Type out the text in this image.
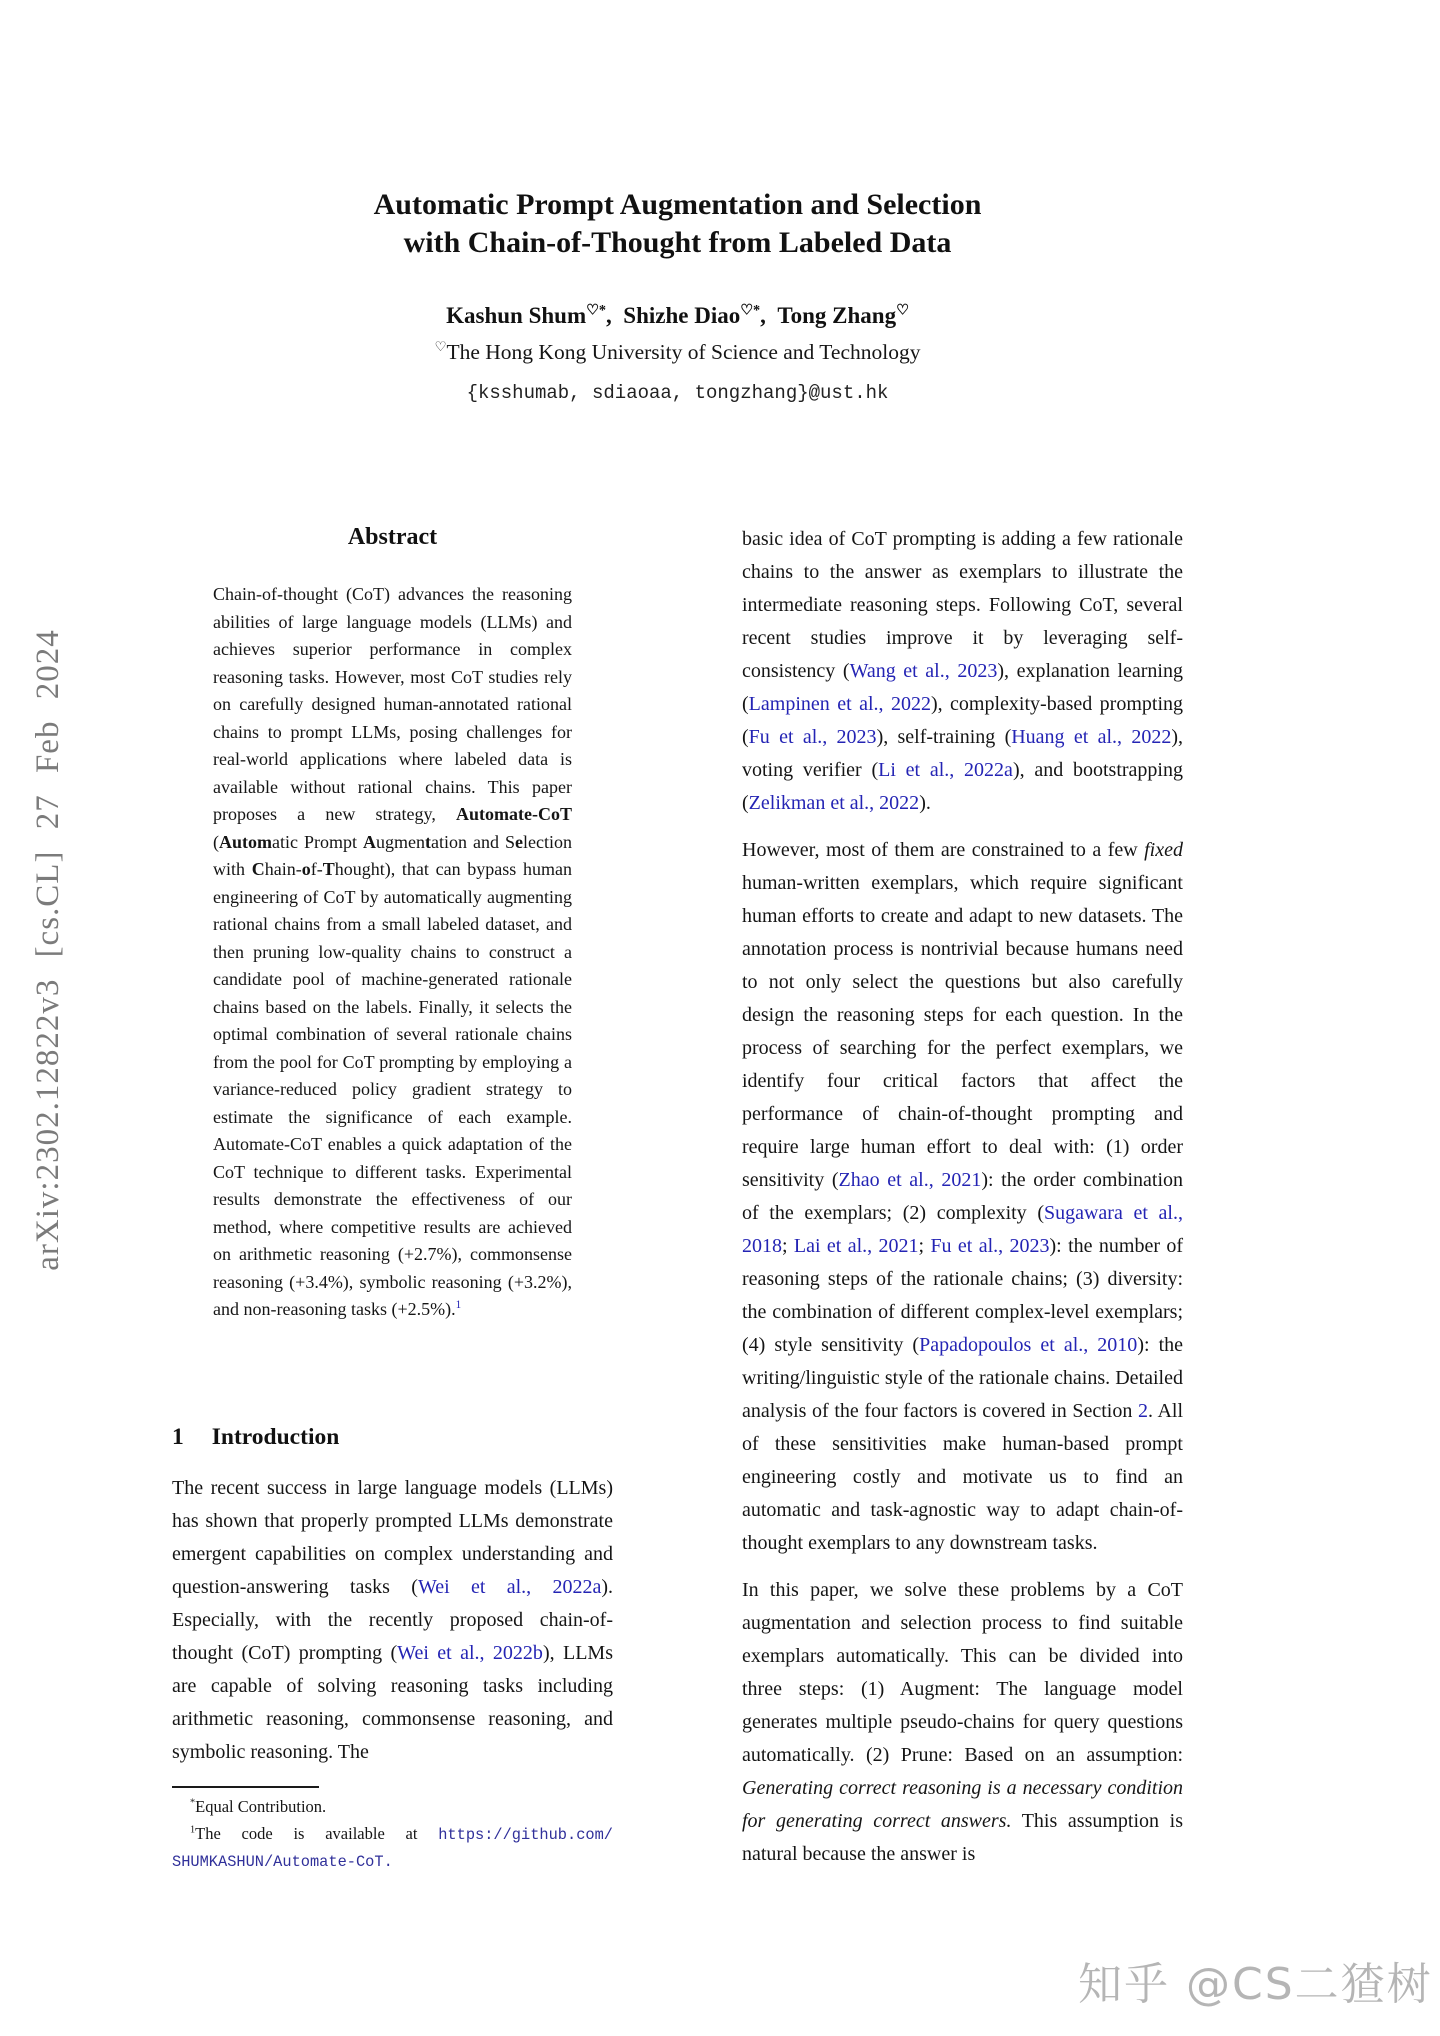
arXiv:2302.12822v3 [cs.CL] 27 Feb 2024
Automatic Prompt Augmentation and Selection
with Chain-of-Thought from Labeled Data
Kashun Shum♡*,  Shizhe Diao♡*,  Tong Zhang♡
♡The Hong Kong University of Science and Technology
{ksshumab, sdiaoaa, tongzhang}@ust.hk
Abstract
Chain-of-thought (CoT) advances the reasoning abilities of large language models (LLMs) and achieves superior performance in complex reasoning tasks. However, most CoT studies rely on carefully designed human-annotated rational chains to prompt LLMs, posing challenges for real-world applications where labeled data is available without rational chains. This paper proposes a new strategy, Automate-CoT (Automatic Prompt Augmentation and Selection with Chain-of-Thought), that can bypass human engineering of CoT by automatically augmenting rational chains from a small labeled dataset, and then pruning low-quality chains to construct a candidate pool of machine-generated rationale chains based on the labels. Finally, it selects the optimal combination of several rationale chains from the pool for CoT prompting by employing a variance-reduced policy gradient strategy to estimate the significance of each example. Automate-CoT enables a quick adaptation of the CoT technique to different tasks. Experimental results demonstrate the effectiveness of our method, where competitive results are achieved on arithmetic reasoning (+2.7%), commonsense reasoning (+3.4%), symbolic reasoning (+3.2%), and non-reasoning tasks (+2.5%).$^1$
1 Introduction
The recent success in large language models (LLMs) has shown that properly prompted LLMs demonstrate emergent capabilities on complex understanding and question-answering tasks (Wei et al., 2022a). Especially, with the recently proposed chain-of-thought (CoT) prompting (Wei et al., 2022b), LLMs are capable of solving reasoning tasks including arithmetic reasoning, commonsense reasoning, and symbolic reasoning. The

*Equal Contribution.

$^1$The code is available at https://github.com/SHUMKASHUN/Automate-CoT.

basic idea of CoT prompting is adding a few rationale chains to the answer as exemplars to illustrate the intermediate reasoning steps. Following CoT, several recent studies improve it by leveraging self-consistency (Wang et al., 2023), explanation learning (Lampinen et al., 2022), complexity-based prompting (Fu et al., 2023), self-training (Huang et al., 2022), voting verifier (Li et al., 2022a), and bootstrapping (Zelikman et al., 2022).

However, most of them are constrained to a few fixed human-written exemplars, which require significant human efforts to create and adapt to new datasets. The annotation process is nontrivial because humans need to not only select the questions but also carefully design the reasoning steps for each question. In the process of searching for the perfect exemplars, we identify four critical factors that affect the performance of chain-of-thought prompting and require large human effort to deal with: (1) order sensitivity (Zhao et al., 2021): the order combination of the exemplars; (2) complexity (Sugawara et al., 2018; Lai et al., 2021; Fu et al., 2023): the number of reasoning steps of the rationale chains; (3) diversity: the combination of different complex-level exemplars; (4) style sensitivity (Papadopoulos et al., 2010): the writing/linguistic style of the rationale chains. Detailed analysis of the four factors is covered in Section 2. All of these sensitivities make human-based prompt engineering costly and motivate us to find an automatic and task-agnostic way to adapt chain-of-thought exemplars to any downstream tasks.

In this paper, we solve these problems by a CoT augmentation and selection process to find suitable exemplars automatically. This can be divided into three steps: (1) Augment: The language model generates multiple pseudo-chains for query questions automatically. (2) Prune: Based on an assumption: Generating correct reasoning is a necessary condition for generating correct answers. This assumption is natural because the answer is

知乎 @CS二猹树
